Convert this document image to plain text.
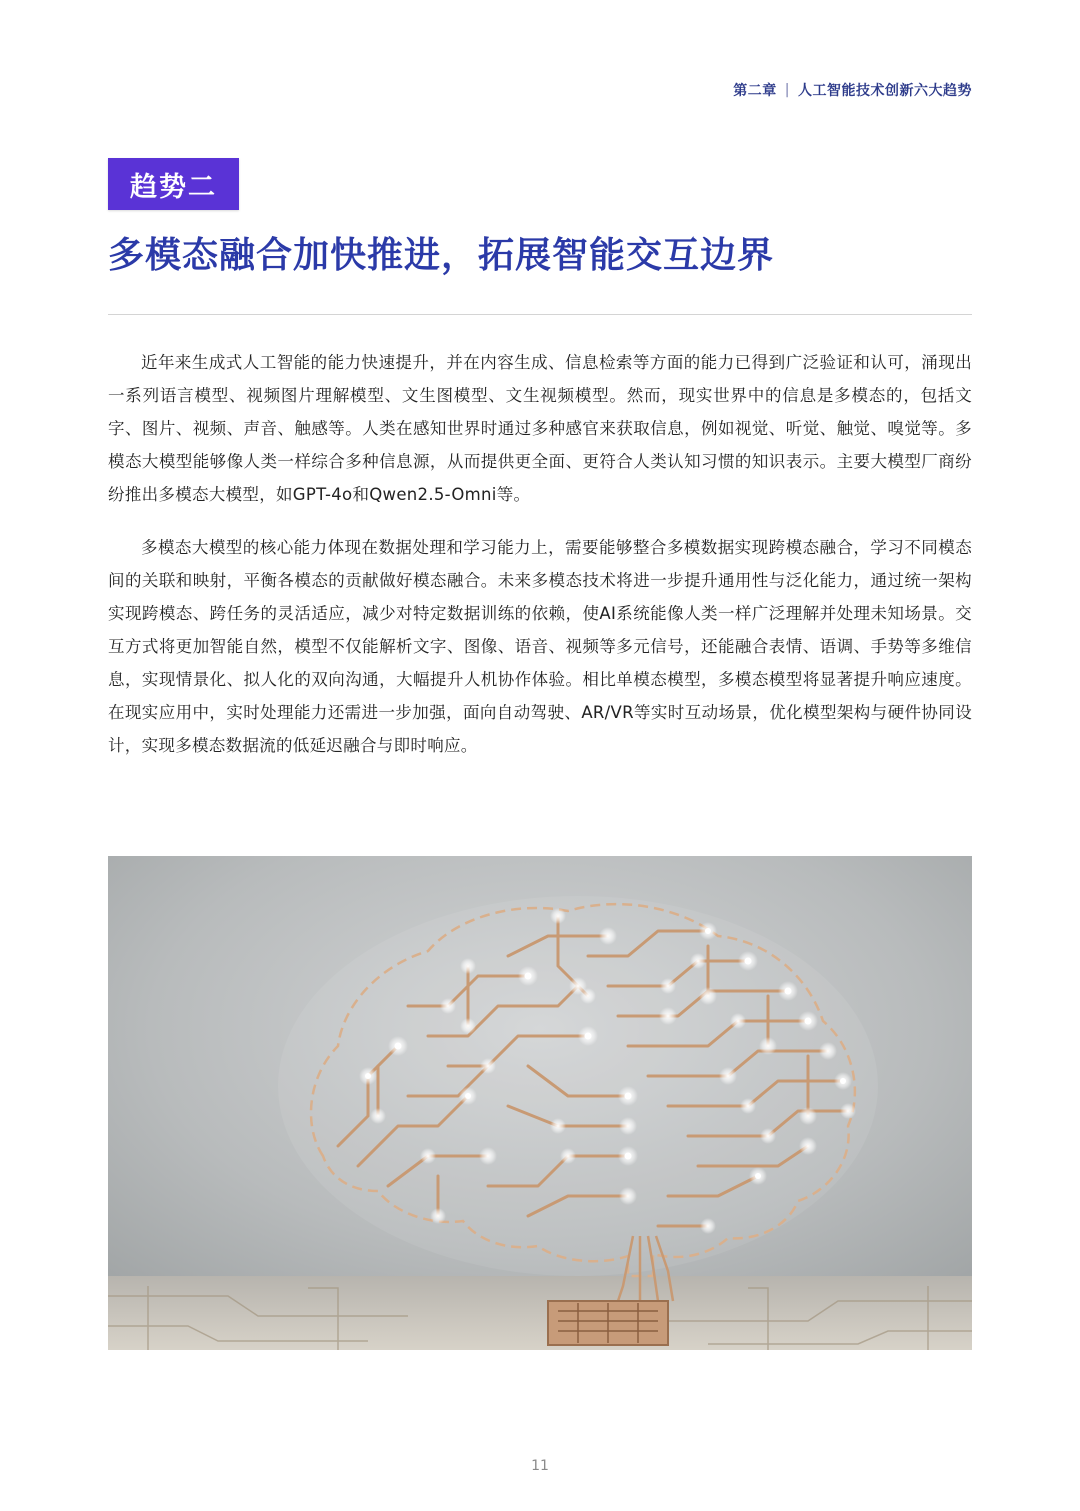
第二章 | 人工智能技术创新六大趋势
趋势二
多模态融合加快推进，拓展智能交互边界

近年来生成式人工智能的能力快速提升，并在内容生成、信息检索等方面的能力已得到广泛验证和认可，涌现出一系列语言模型、视频图片理解模型、文生图模型、文生视频模型。然而，现实世界中的信息是多模态的，包括文字、图片、视频、声音、触感等。人类在感知世界时通过多种感官来获取信息，例如视觉、听觉、触觉、嗅觉等。多模态大模型能够像人类一样综合多种信息源，从而提供更全面、更符合人类认知习惯的知识表示。主要大模型厂商纷纷推出多模态大模型，如GPT-4o和Qwen2.5-Omni等。

多模态大模型的核心能力体现在数据处理和学习能力上，需要能够整合多模数据实现跨模态融合，学习不同模态间的关联和映射，平衡各模态的贡献做好模态融合。未来多模态技术将进一步提升通用性与泛化能力，通过统一架构实现跨模态、跨任务的灵活适应，减少对特定数据训练的依赖，使AI系统能像人类一样广泛理解并处理未知场景。交互方式将更加智能自然，模型不仅能解析文字、图像、语音、视频等多元信号，还能融合表情、语调、手势等多维信息，实现情景化、拟人化的双向沟通，大幅提升人机协作体验。相比单模态模型，多模态模型将显著提升响应速度。在现实应用中，实时处理能力还需进一步加强，面向自动驾驶、AR/VR等实时互动场景，优化模型架构与硬件协同设计，实现多模态数据流的低延迟融合与即时响应。

11
